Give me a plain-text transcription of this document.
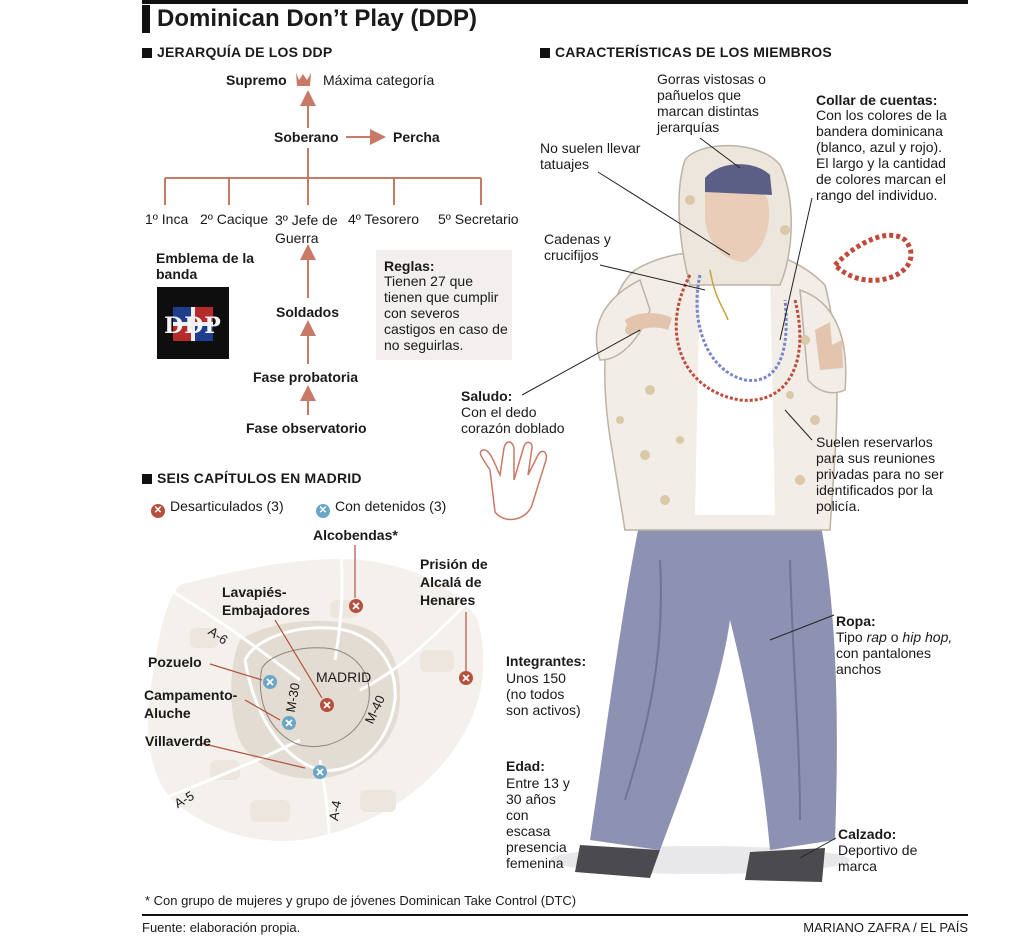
Dominican Don’t Play (DDP)
JERARQUÍA DE LOS DDP	CARACTERÍSTICAS DE LOS MIEMBROS
SEIS CAPÍTULOS EN MADRID
Supremo	Máxima categoría
Soberano	Percha
1º Inca 2º Cacique 3º Jefe de Guerra
4º Tesorero 5º Secretario
Soldados
Fase probatoria
Fase observatorio
Emblema de la banda
DDP
Reglas:
Tienen 27 que tienen que cumplir con severos castigos en caso de no seguirlas.
✕ Desarticulados (3)	✕ Con detenidos (3)
MADRID
Alcobendas*
Prisión de Alcalá de Henares
Lavapiés- Embajadores
Pozuelo
Campamento- Aluche
Villaverde
A-6
M-30	M-40
A-5	A-4
Gorras vistosas o pañuelos que marcan distintas jerarquías
No suelen llevar tatuajes
Collar de cuentas:
Con los colores de la bandera dominicana (blanco, azul y rojo). El largo y la cantidad de colores marcan el rango del individuo.
Cadenas y crucifijos
Saludo:
Con el dedo corazón doblado
Suelen reservarlos para sus reuniones privadas para no ser identificados por la policía.
Integrantes:
Unos 150 (no todos son activos)
Edad:
Entre 13 y 30 años con escasa presencia femenina
Ropa:
Tipo rap o hip hop, con pantalones anchos
Calzado:
Deportivo de marca
* Con grupo de mujeres y grupo de jóvenes Dominican Take Control (DTC)
Fuente: elaboración propia.	MARIANO ZAFRA / EL PAÍS
